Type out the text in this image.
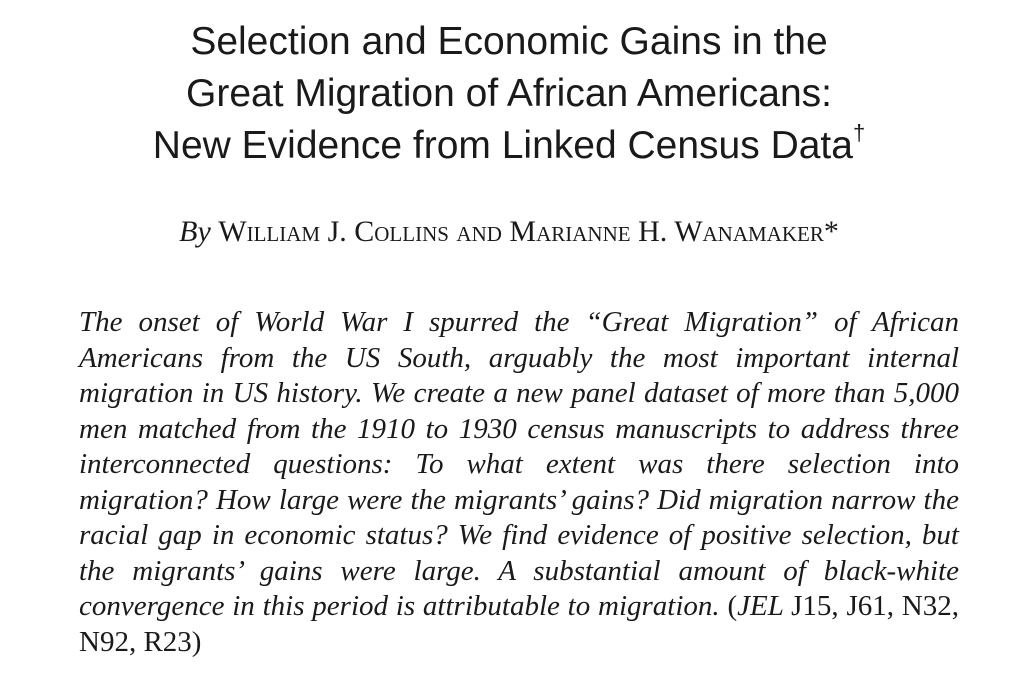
Selection and Economic Gains in the
Great Migration of African Americans:
New Evidence from Linked Census Data†
By William J. Collins and Marianne H. Wanamaker*

The onset of World War I spurred the “Great Migration” of African Americans from the US South, arguably the most important internal migration in US history. We create a new panel dataset of more than 5,000 men matched from the 1910 to 1930 census manuscripts to address three interconnected questions: To what extent was there selection into migration? How large were the migrants’ gains? Did migration narrow the racial gap in economic status? We find evidence of positive selection, but the migrants’ gains were large. A substantial amount of black-white convergence in this period is attributable to migration. (JEL J15, J61, N32, N92, R23)
